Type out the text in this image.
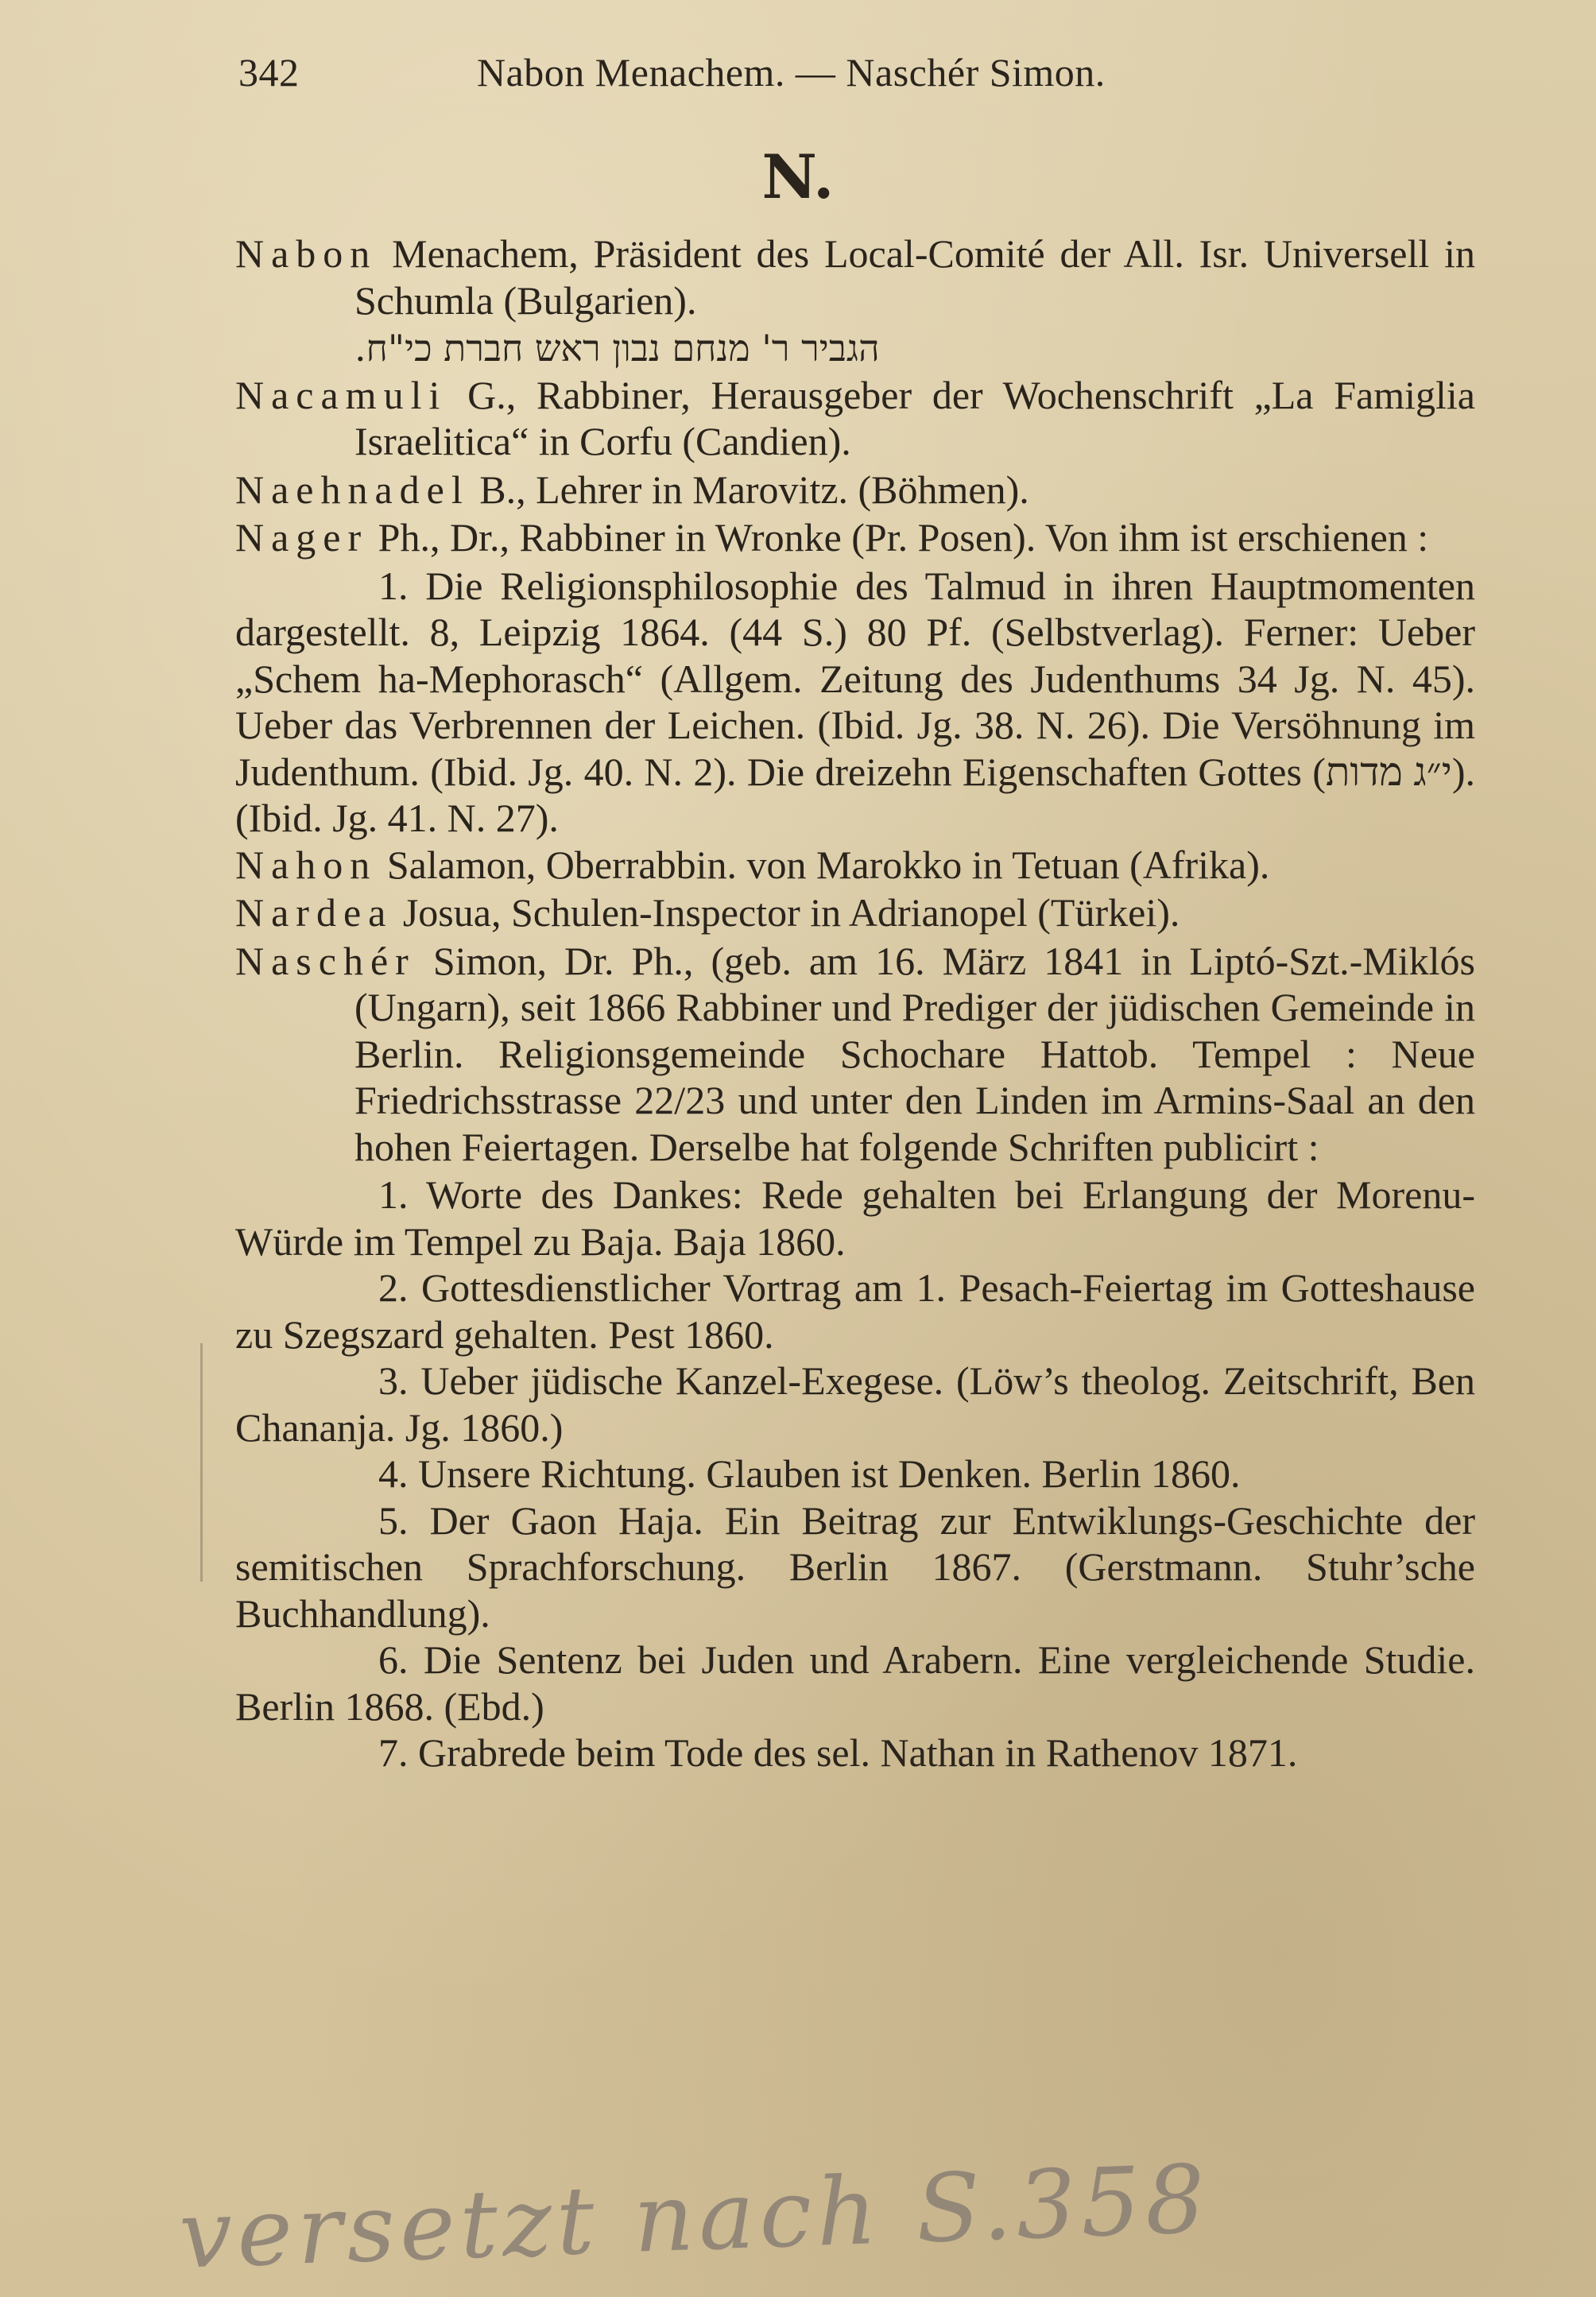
342	Nabon Menachem. — Naschér Simon.
N.

Nabon Menachem, Präsident des Local-Comité der All. Isr. Universell in Schumla (Bulgarien).

הגביר ר' מנחם נבון ראש חברת כי"ח.

Nacamuli G., Rabbiner, Herausgeber der Wochenschrift „La Famiglia Israelitica“ in Corfu (Candien).

Naehnadel B., Lehrer in Marovitz. (Böhmen).

Nager Ph., Dr., Rabbiner in Wronke (Pr. Posen). Von ihm ist erschienen :

1. Die Religionsphilosophie des Talmud in ihren Hauptmomenten dargestellt. 8, Leipzig 1864. (44 S.) 80 Pf. (Selbstverlag). Ferner: Ueber „Schem ha-Mephorasch“ (Allgem. Zeitung des Judenthums 34 Jg. N. 45). Ueber das Verbrennen der Leichen. (Ibid. Jg. 38. N. 26). Die Versöhnung im Judenthum. (Ibid. Jg. 40. N. 2). Die dreizehn Eigenschaften Gottes (י״ג מדות). (Ibid. Jg. 41. N. 27).

Nahon Salamon, Oberrabbin. von Marokko in Tetuan (Afrika).

Nardea Josua, Schulen-Inspector in Adrianopel (Türkei).

Naschér Simon, Dr. Ph., (geb. am 16. März 1841 in Liptó-Szt.-Miklós (Ungarn), seit 1866 Rabbiner und Prediger der jüdischen Gemeinde in Berlin. Religionsgemeinde Schochare Hattob. Tempel : Neue Friedrichsstrasse 22/23 und unter den Linden im Armins-Saal an den hohen Feiertagen. Derselbe hat folgende Schriften publicirt :

1. Worte des Dankes: Rede gehalten bei Erlangung der Morenu-Würde im Tempel zu Baja. Baja 1860.

2. Gottesdienstlicher Vortrag am 1. Pesach-Feiertag im Gotteshause zu Szegszard gehalten. Pest 1860.

3. Ueber jüdische Kanzel-Exegese. (Löw’s theolog. Zeitschrift, Ben Chananja. Jg. 1860.)

4. Unsere Richtung. Glauben ist Denken. Berlin 1860.

5. Der Gaon Haja. Ein Beitrag zur Entwiklungs-Geschichte der semitischen Sprachforschung. Berlin 1867. (Gerstmann. Stuhr’sche Buchhandlung).

6. Die Sentenz bei Juden und Arabern. Eine vergleichende Studie. Berlin 1868. (Ebd.)

7. Grabrede beim Tode des sel. Nathan in Rathenov 1871.

versetzt nach S.358
